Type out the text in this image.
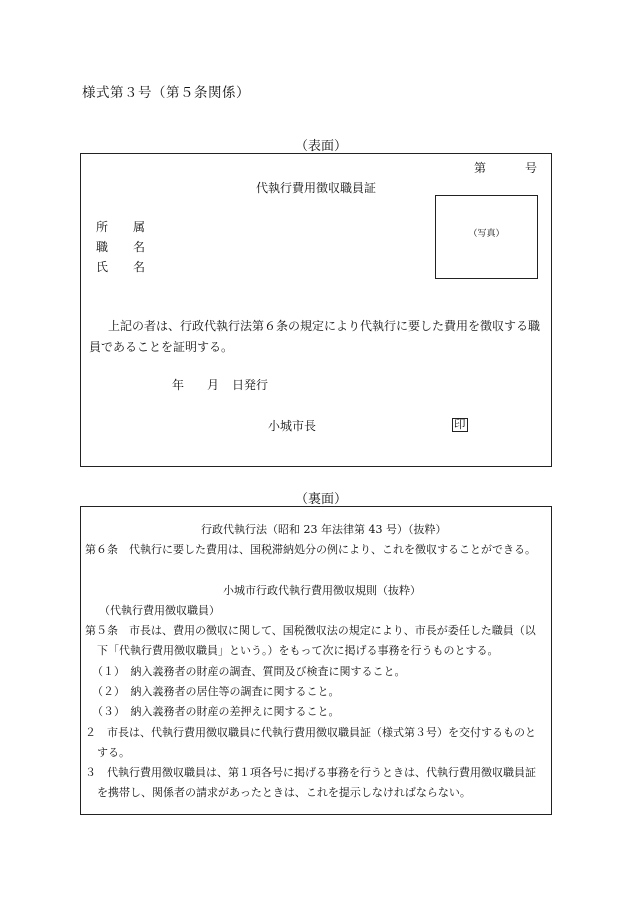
様式第３号（第５条関係）
（表面）
第	号
代執行費用徴収職員証
（写真）
所 属
職 名
氏 名
上記の者は、行政代執行法第６条の規定により代執行に要した費用を徴収する職
員であることを証明する。
年 月 日発行
小城市長	印
（裏面）
行政代執行法（昭和 23 年法律第 43 号）（抜粋）
第６条　代執行に要した費用は、国税滞納処分の例により、これを徴収することができる。
小城市行政代執行費用徴収規則（抜粋）
（代執行費用徴収職員）
第５条　市長は、費用の徴収に関して、国税徴収法の規定により、市長が委任した職員（以
下「代執行費用徴収職員」という。）をもって次に掲げる事務を行うものとする。
（１）　納入義務者の財産の調査、質問及び検査に関すること。
（２）　納入義務者の居住等の調査に関すること。
（３）　納入義務者の財産の差押えに関すること。
２　市長は、代執行費用徴収職員に代執行費用徴収職員証（様式第３号）を交付するものと
する。
３　代執行費用徴収職員は、第１項各号に掲げる事務を行うときは、代執行費用徴収職員証
を携帯し、関係者の請求があったときは、これを提示しなければならない。
